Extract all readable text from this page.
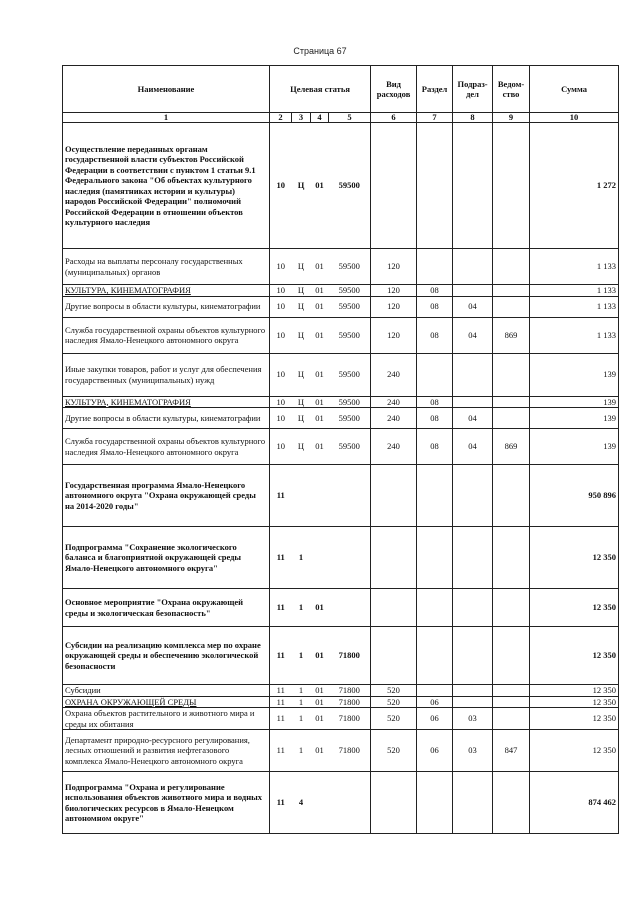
Страница 67
Наименование	Целевая статья				Вид расходов	Раздел	Подраз-дел	Ведом-ство	Сумма
1	2	3	4	5	6	7	8	9	10
Осуществление переданных органам государственной власти субъектов Российской Федерации в соответствии с пунктом 1 статьи 9.1 Федерального закона "Об объектах культурного наследия (памятниках истории и культуры) народов Российской Федерации" полномочий Российской Федерации в отношении объектов культурного наследия	10	Ц	01	59500					1 272
Расходы на выплаты персоналу государственных (муниципальных) органов	10	Ц	01	59500	120				1 133
КУЛЬТУРА, КИНЕМАТОГРАФИЯ	10	Ц	01	59500	120	08			1 133
Другие вопросы в области культуры, кинематографии	10	Ц	01	59500	120	08	04		1 133
Служба государственной охраны объектов культурного наследия Ямало-Ненецкого автономного округа	10	Ц	01	59500	120	08	04	869	1 133
Иные закупки товаров, работ и услуг для обеспечения государственных (муниципальных) нужд	10	Ц	01	59500	240				139
КУЛЬТУРА, КИНЕМАТОГРАФИЯ	10	Ц	01	59500	240	08			139
Другие вопросы в области культуры, кинематографии	10	Ц	01	59500	240	08	04		139
Служба государственной охраны объектов культурного наследия Ямало-Ненецкого автономного округа	10	Ц	01	59500	240	08	04	869	139
Государственная программа Ямало-Ненецкого автономного округа "Охрана окружающей среды на 2014-2020 годы"	11								950 896
Подпрограмма "Сохранение экологического баланса и благоприятной окружающей среды Ямало-Ненецкого автономного округа"	11	1							12 350
Основное мероприятие "Охрана окружающей среды и экологическая безопасность"	11	1	01						12 350
Субсидии на реализацию комплекса мер по охране окружающей среды и обеспечению экологической безопасности	11	1	01	71800					12 350
Субсидии	11	1	01	71800	520				12 350
ОХРАНА ОКРУЖАЮЩЕЙ СРЕДЫ	11	1	01	71800	520	06			12 350
Охрана объектов растительного и животного мира и среды их обитания	11	1	01	71800	520	06	03		12 350
Департамент природно-ресурсного регулирования, лесных отношений и развития нефтегазового комплекса Ямало-Ненецкого автономного округа	11	1	01	71800	520	06	03	847	12 350
Подпрограмма "Охрана и регулирование использования объектов животного мира и водных биологических ресурсов в Ямало-Ненецком автономном округе"	11	4							874 462
